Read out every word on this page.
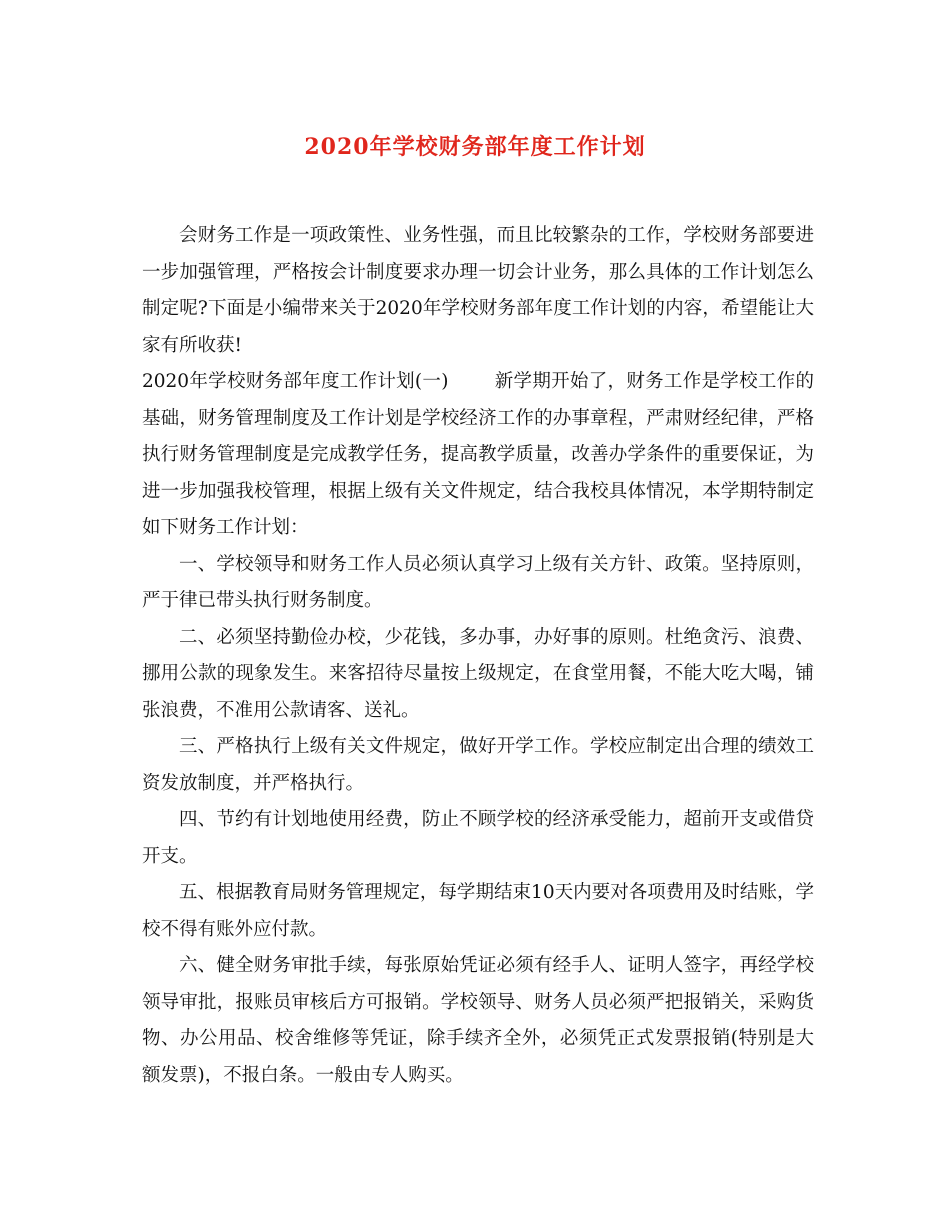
2020年学校财务部年度工作计划

会财务工作是一项政策性、业务性强，而且比较繁杂的工作，学校财务部要进一步加强管理，严格按会计制度要求办理一切会计业务，那么具体的工作计划怎么制定呢?下面是小编带来关于2020年学校财务部年度工作计划的内容，希望能让大家有所收获!

2020年学校财务部年度工作计划(一) 新学期开始了，财务工作是学校工作的基础，财务管理制度及工作计划是学校经济工作的办事章程，严肃财经纪律，严格执行财务管理制度是完成教学任务，提高教学质量，改善办学条件的重要保证，为进一步加强我校管理，根据上级有关文件规定，结合我校具体情况，本学期特制定如下财务工作计划：

一、学校领导和财务工作人员必须认真学习上级有关方针、政策。坚持原则，严于律已带头执行财务制度。

二、必须坚持勤俭办校，少花钱，多办事，办好事的原则。杜绝贪污、浪费、挪用公款的现象发生。来客招待尽量按上级规定，在食堂用餐，不能大吃大喝，铺张浪费，不准用公款请客、送礼。

三、严格执行上级有关文件规定，做好开学工作。学校应制定出合理的绩效工资发放制度，并严格执行。

四、节约有计划地使用经费，防止不顾学校的经济承受能力，超前开支或借贷开支。

五、根据教育局财务管理规定，每学期结束10天内要对各项费用及时结账，学校不得有账外应付款。

六、健全财务审批手续，每张原始凭证必须有经手人、证明人签字，再经学校领导审批，报账员审核后方可报销。学校领导、财务人员必须严把报销关，采购货物、办公用品、校舍维修等凭证，除手续齐全外，必须凭正式发票报销(特别是大额发票)，不报白条。一般由专人购买。
